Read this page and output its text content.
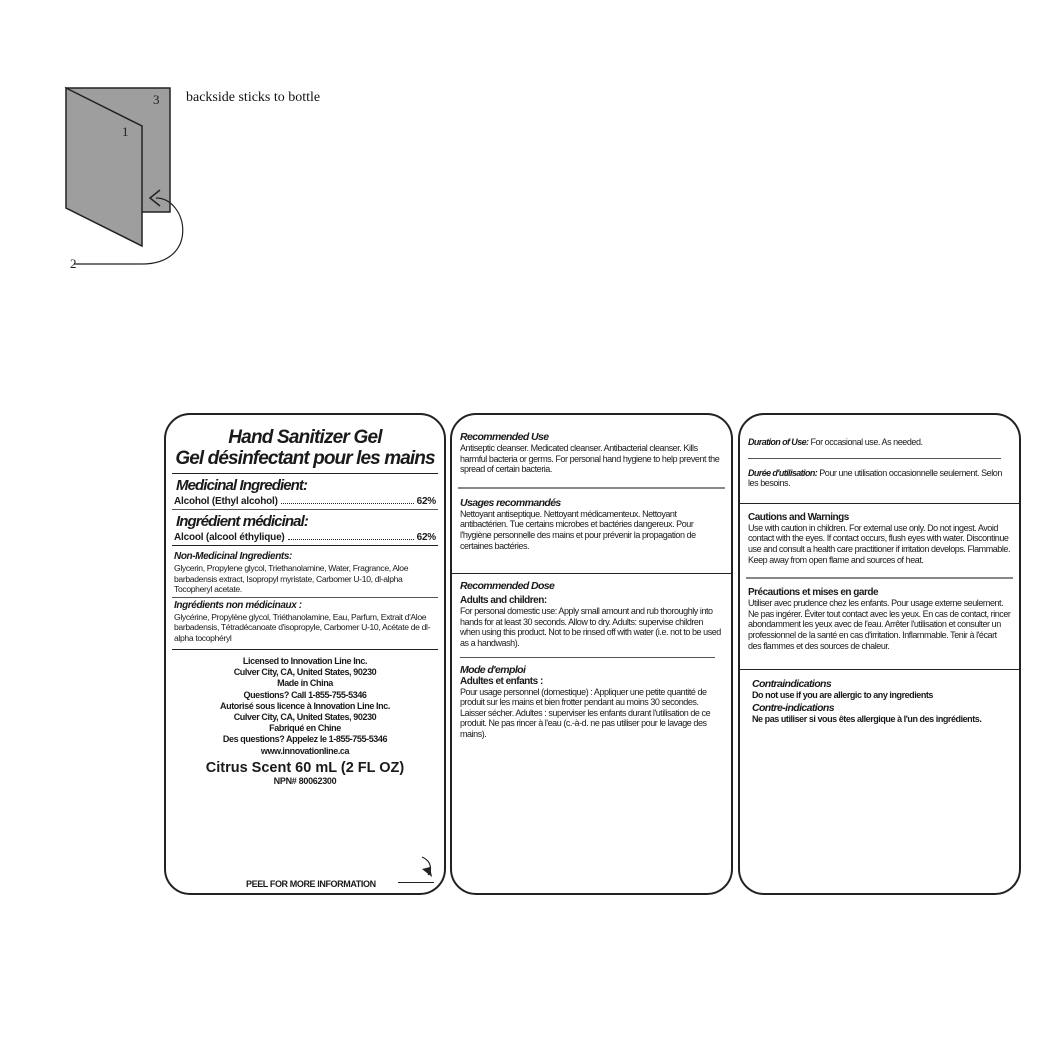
3
1
2
backside sticks to bottle
Hand Sanitizer Gel
Gel désinfectant pour les mains
Medicinal Ingredient:
Alcohol (Ethyl alcohol)	62%
Ingrédient médicinal:
Alcool (alcool éthylique)	62%
Non-Medicinal Ingredients:
Glycerin, Propylene glycol, Triethanolamine, Water, Fragrance, Aloe barbadensis extract, Isopropyl myristate, Carbomer U-10, dl-alpha Tocopheryl acetate.
Ingrédients non médicinaux :
Glycérine, Propylène glycol, Triéthanolamine, Eau, Parfum, Extrait d'Aloe barbadensis, Tétradécanoate d'isopropyle, Carbomer U-10, Acétate de dl-alpha tocophéryl
Licensed to Innovation Line Inc.
Culver City, CA, United States, 90230
Made in China
Questions? Call 1-855-755-5346
Autorisé sous licence à Innovation Line Inc.
Culver City, CA, United States, 90230
Fabriqué en Chine
Des questions? Appelez le 1-855-755-5346
www.innovationline.ca
Citrus Scent 60 mL (2 FL OZ)
NPN# 80062300
PEEL FOR MORE INFORMATION
Recommended Use
Antiseptic cleanser. Medicated cleanser. Antibacterial cleanser. Kills harmful bacteria or germs. For personal hand hygiene to help prevent the spread of certain bacteria.
Usages recommandés
Nettoyant antiseptique. Nettoyant médicamenteux. Nettoyant antibactérien. Tue certains microbes et bactéries dangereux. Pour l'hygiène personnelle des mains et pour prévenir la propagation de certaines bactéries.
Recommended Dose
Adults and children:
For personal domestic use: Apply small amount and rub thoroughly into hands for at least 30 seconds. Allow to dry. Adults: supervise children when using this product. Not to be rinsed off with water (i.e. not to be used as a handwash).
Mode d'emploi
Adultes et enfants :
Pour usage personnel (domestique) : Appliquer une petite quantité de produit sur les mains et bien frotter pendant au moins 30 secondes. Laisser sécher. Adultes : superviser les enfants durant l'utilisation de ce produit. Ne pas rincer à l'eau (c.-à-d. ne pas utiliser pour le lavage des mains).
Duration of Use: For occasional use. As needed.
Durée d'utilisation: Pour une utilisation occasionnelle seulement. Selon les besoins.
Cautions and Warnings
Use with caution in children. For external use only. Do not ingest. Avoid contact with the eyes. If contact occurs, flush eyes with water. Discontinue use and consult a health care practitioner if irritation develops. Flammable. Keep away from open flame and sources of heat.
Précautions et mises en garde
Utiliser avec prudence chez les enfants. Pour usage externe seulement. Ne pas ingérer. Éviter tout contact avec les yeux. En cas de contact, rincer abondamment les yeux avec de l'eau. Arrêter l'utilisation et consulter un professionnel de la santé en cas d'irritation. Inflammable. Tenir à l'écart des flammes et des sources de chaleur.
Contraindications
Do not use if you are allergic to any ingredients
Contre-indications
Ne pas utiliser si vous êtes allergique à l'un des ingrédients.
